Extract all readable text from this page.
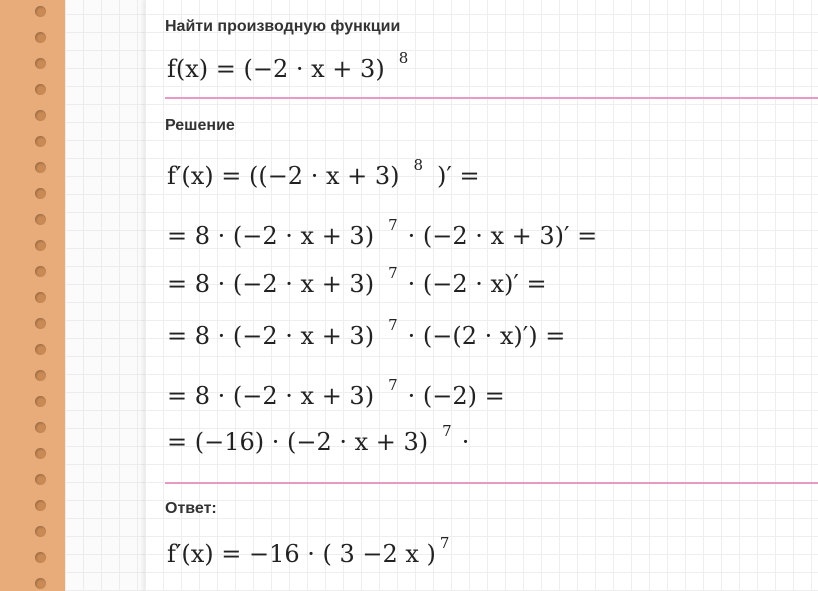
Найти производную функции
f(x) = (−2 · x + 3) $^8$
Решение
f′(x) = ((−2 · x + 3) $^8$ )′ =
= 8 · (−2 · x + 3) $^7$ · (−2 · x + 3)′ =
= 8 · (−2 · x + 3) $^7$ · (−2 · x)′ =
= 8 · (−2 · x + 3) $^7$ · (−(2 · x)′) =
= 8 · (−2 · x + 3) $^7$ · (−2) =
= (−16) · (−2 · x + 3) $^7$ ·
Ответ:
f′(x) = −16 · ( 3 −2 x ) $^7$
